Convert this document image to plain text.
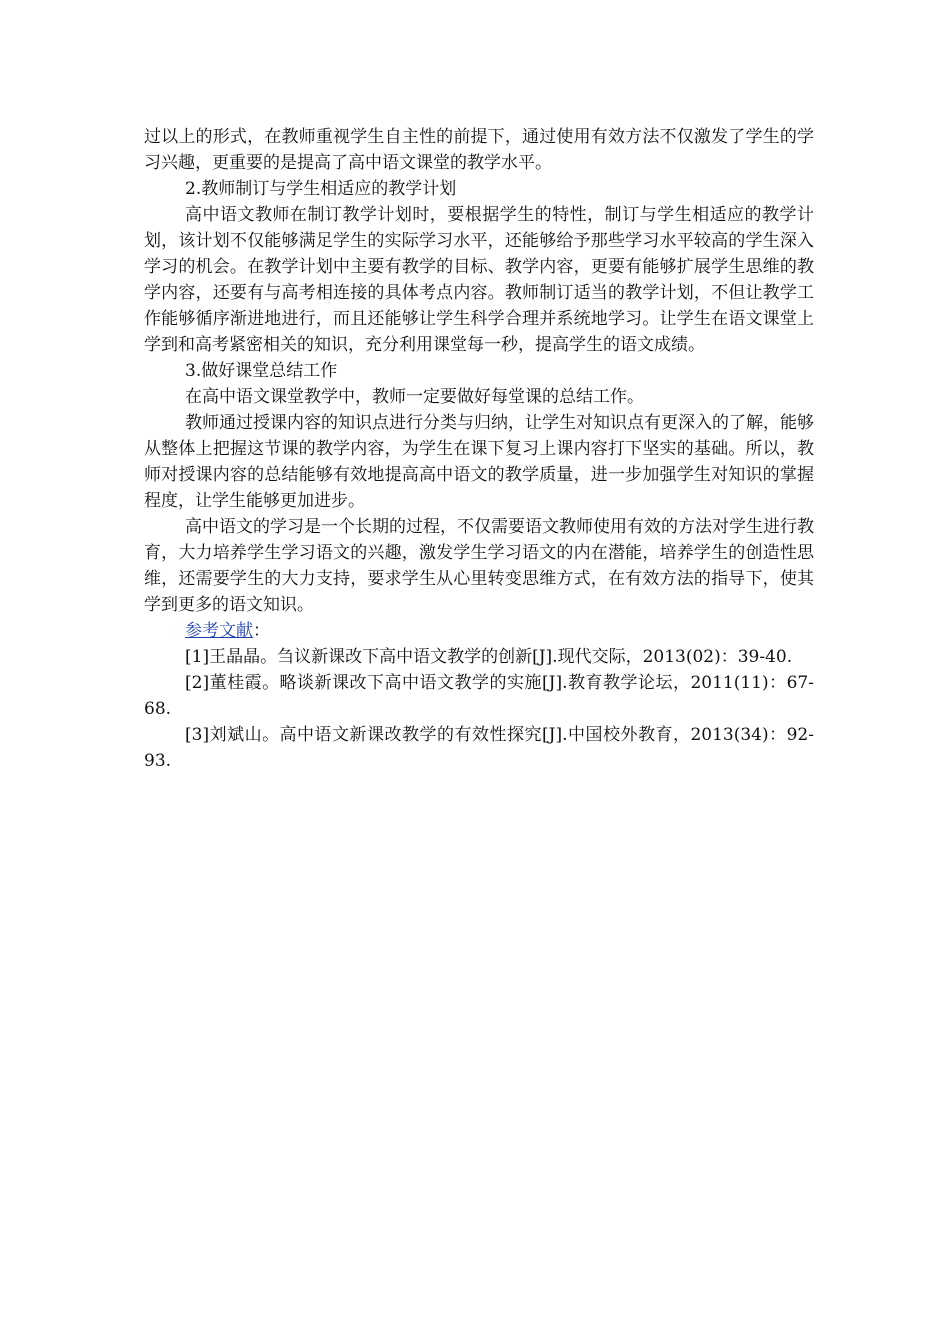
过以上的形式，在教师重视学生自主性的前提下，通过使用有效方法不仅激发了学生的学习兴趣，更重要的是提高了高中语文课堂的教学水平。

2.教师制订与学生相适应的教学计划

高中语文教师在制订教学计划时，要根据学生的特性，制订与学生相适应的教学计划，该计划不仅能够满足学生的实际学习水平，还能够给予那些学习水平较高的学生深入学习的机会。在教学计划中主要有教学的目标、教学内容，更要有能够扩展学生思维的教学内容，还要有与高考相连接的具体考点内容。教师制订适当的教学计划，不但让教学工作能够循序渐进地进行，而且还能够让学生科学合理并系统地学习。让学生在语文课堂上学到和高考紧密相关的知识，充分利用课堂每一秒，提高学生的语文成绩。

3.做好课堂总结工作

在高中语文课堂教学中，教师一定要做好每堂课的总结工作。

教师通过授课内容的知识点进行分类与归纳，让学生对知识点有更深入的了解，能够从整体上把握这节课的教学内容，为学生在课下复习上课内容打下坚实的基础。所以，教师对授课内容的总结能够有效地提高高中语文的教学质量，进一步加强学生对知识的掌握程度，让学生能够更加进步。

高中语文的学习是一个长期的过程，不仅需要语文教师使用有效的方法对学生进行教育，大力培养学生学习语文的兴趣，激发学生学习语文的内在潜能，培养学生的创造性思维，还需要学生的大力支持，要求学生从心里转变思维方式，在有效方法的指导下，使其学到更多的语文知识。

参考文献：

[1]王晶晶。刍议新课改下高中语文教学的创新[J].现代交际，2013(02)：39-40.

[2]董桂霞。略谈新课改下高中语文教学的实施[J].教育教学论坛，2011(11)：67-68.

[3]刘斌山。高中语文新课改教学的有效性探究[J].中国校外教育，2013(34)：92-93.
